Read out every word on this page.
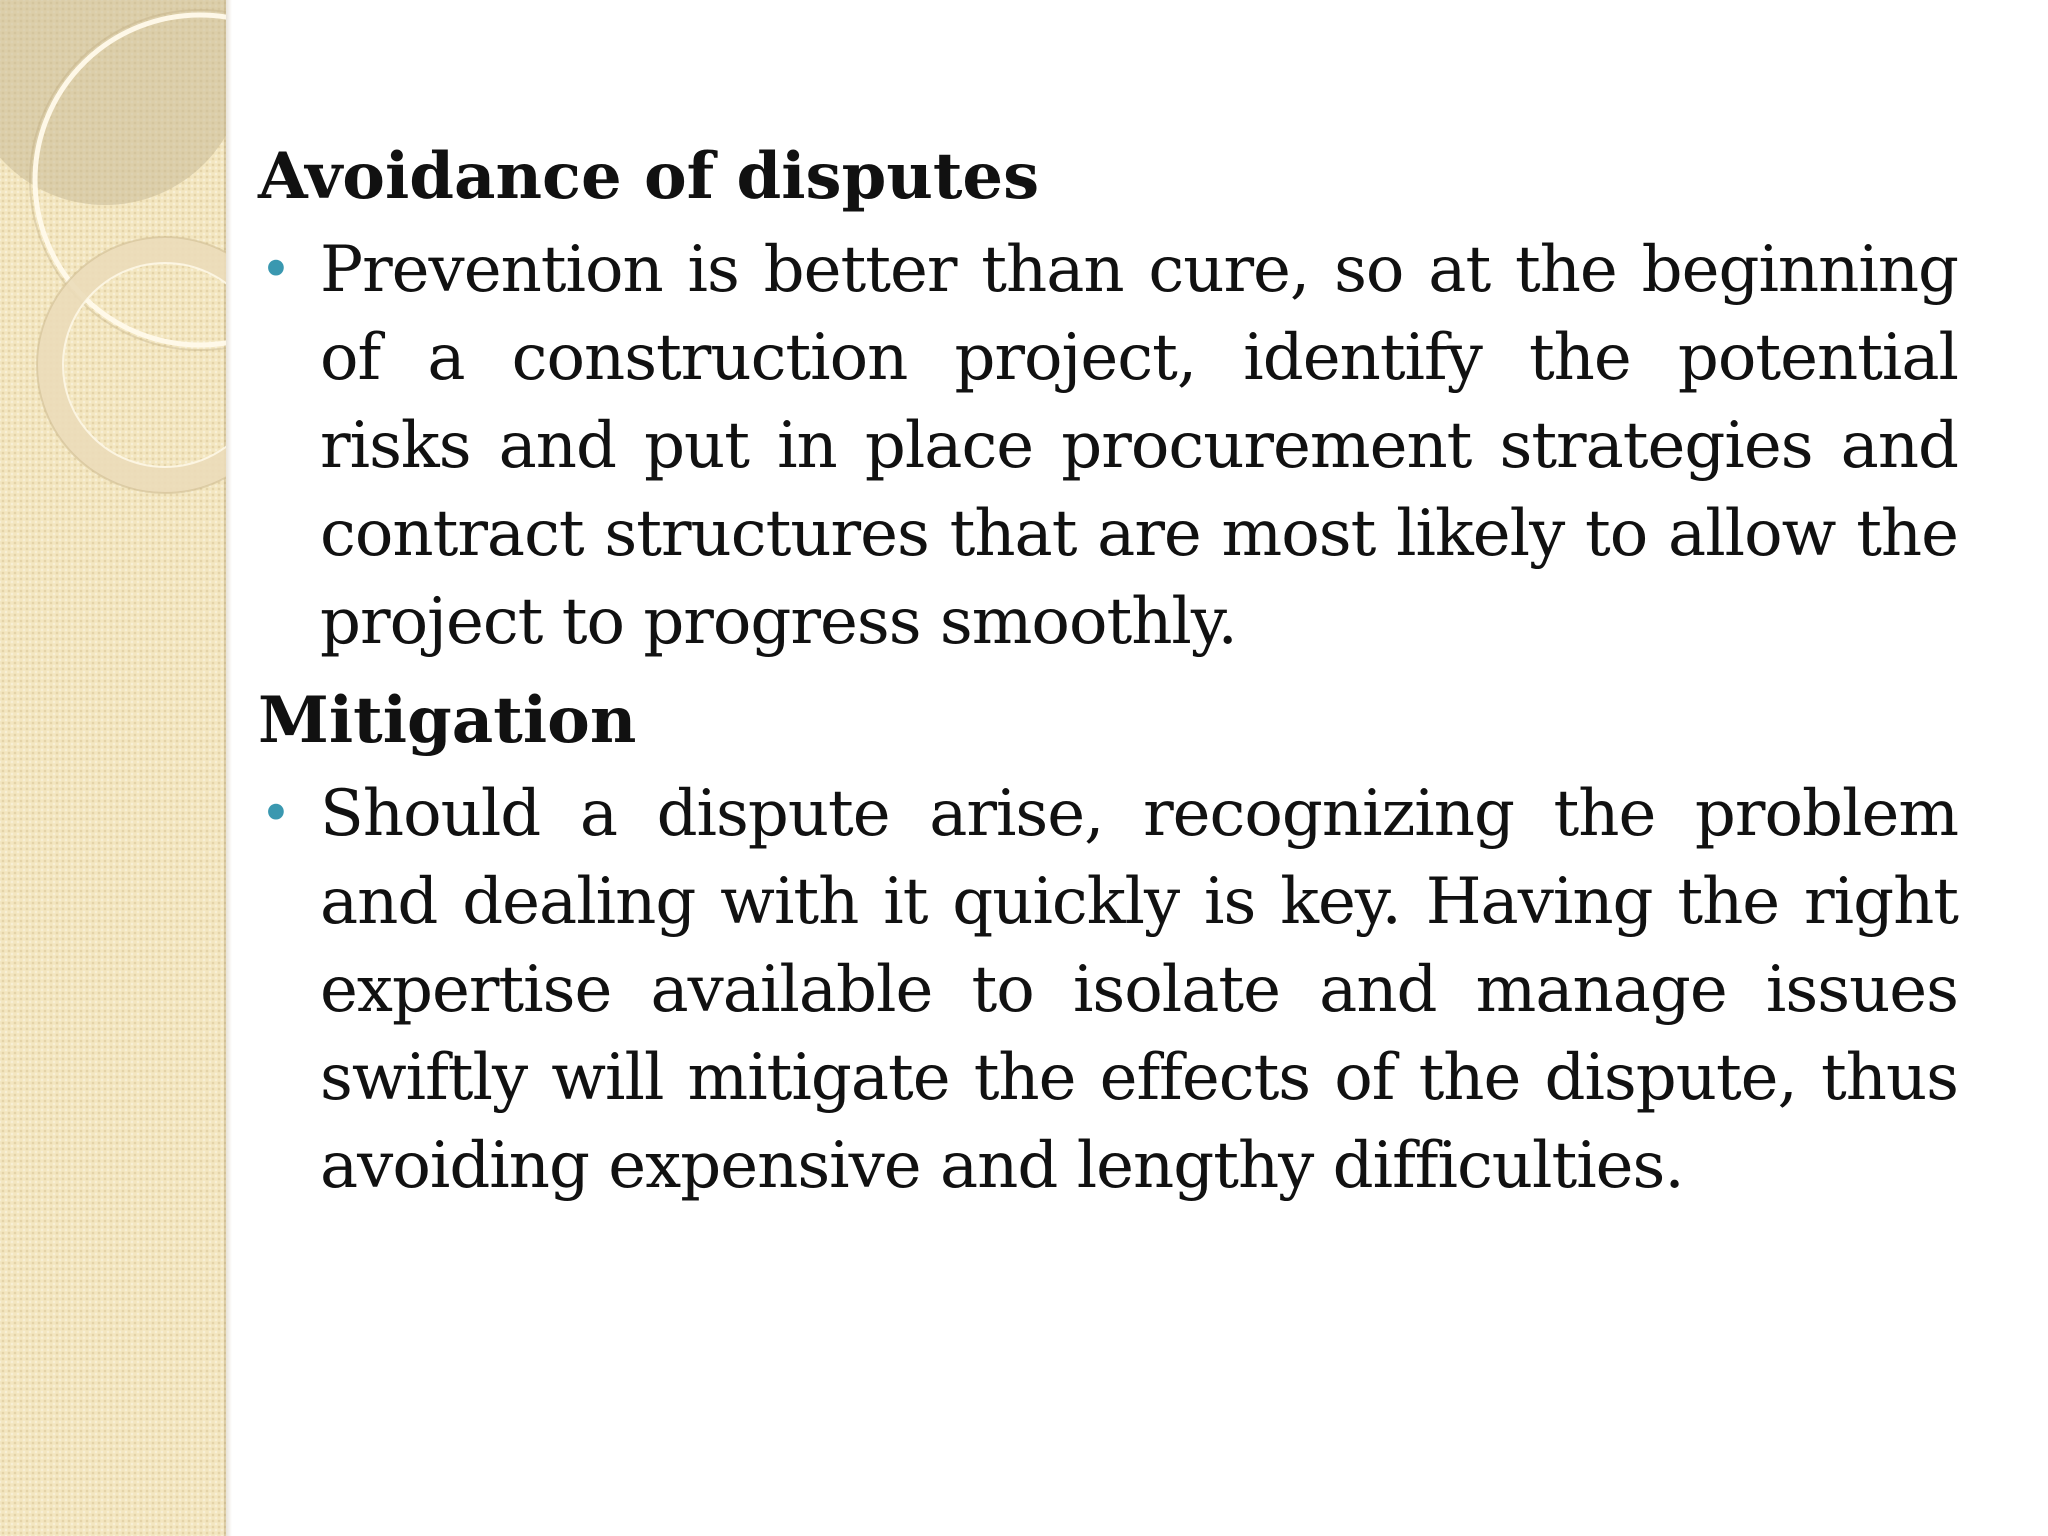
Avoidance of disputes

• Prevention is better than cure, so at the beginning of a construction project, identify the potential risks and put in place procurement strategies and contract structures that are most likely to allow the project to progress smoothly.

Mitigation

• Should a dispute arise, recognizing the problem and dealing with it quickly is key. Having the right expertise available to isolate and manage issues swiftly will mitigate the effects of the dispute, thus avoiding expensive and lengthy difficulties.
